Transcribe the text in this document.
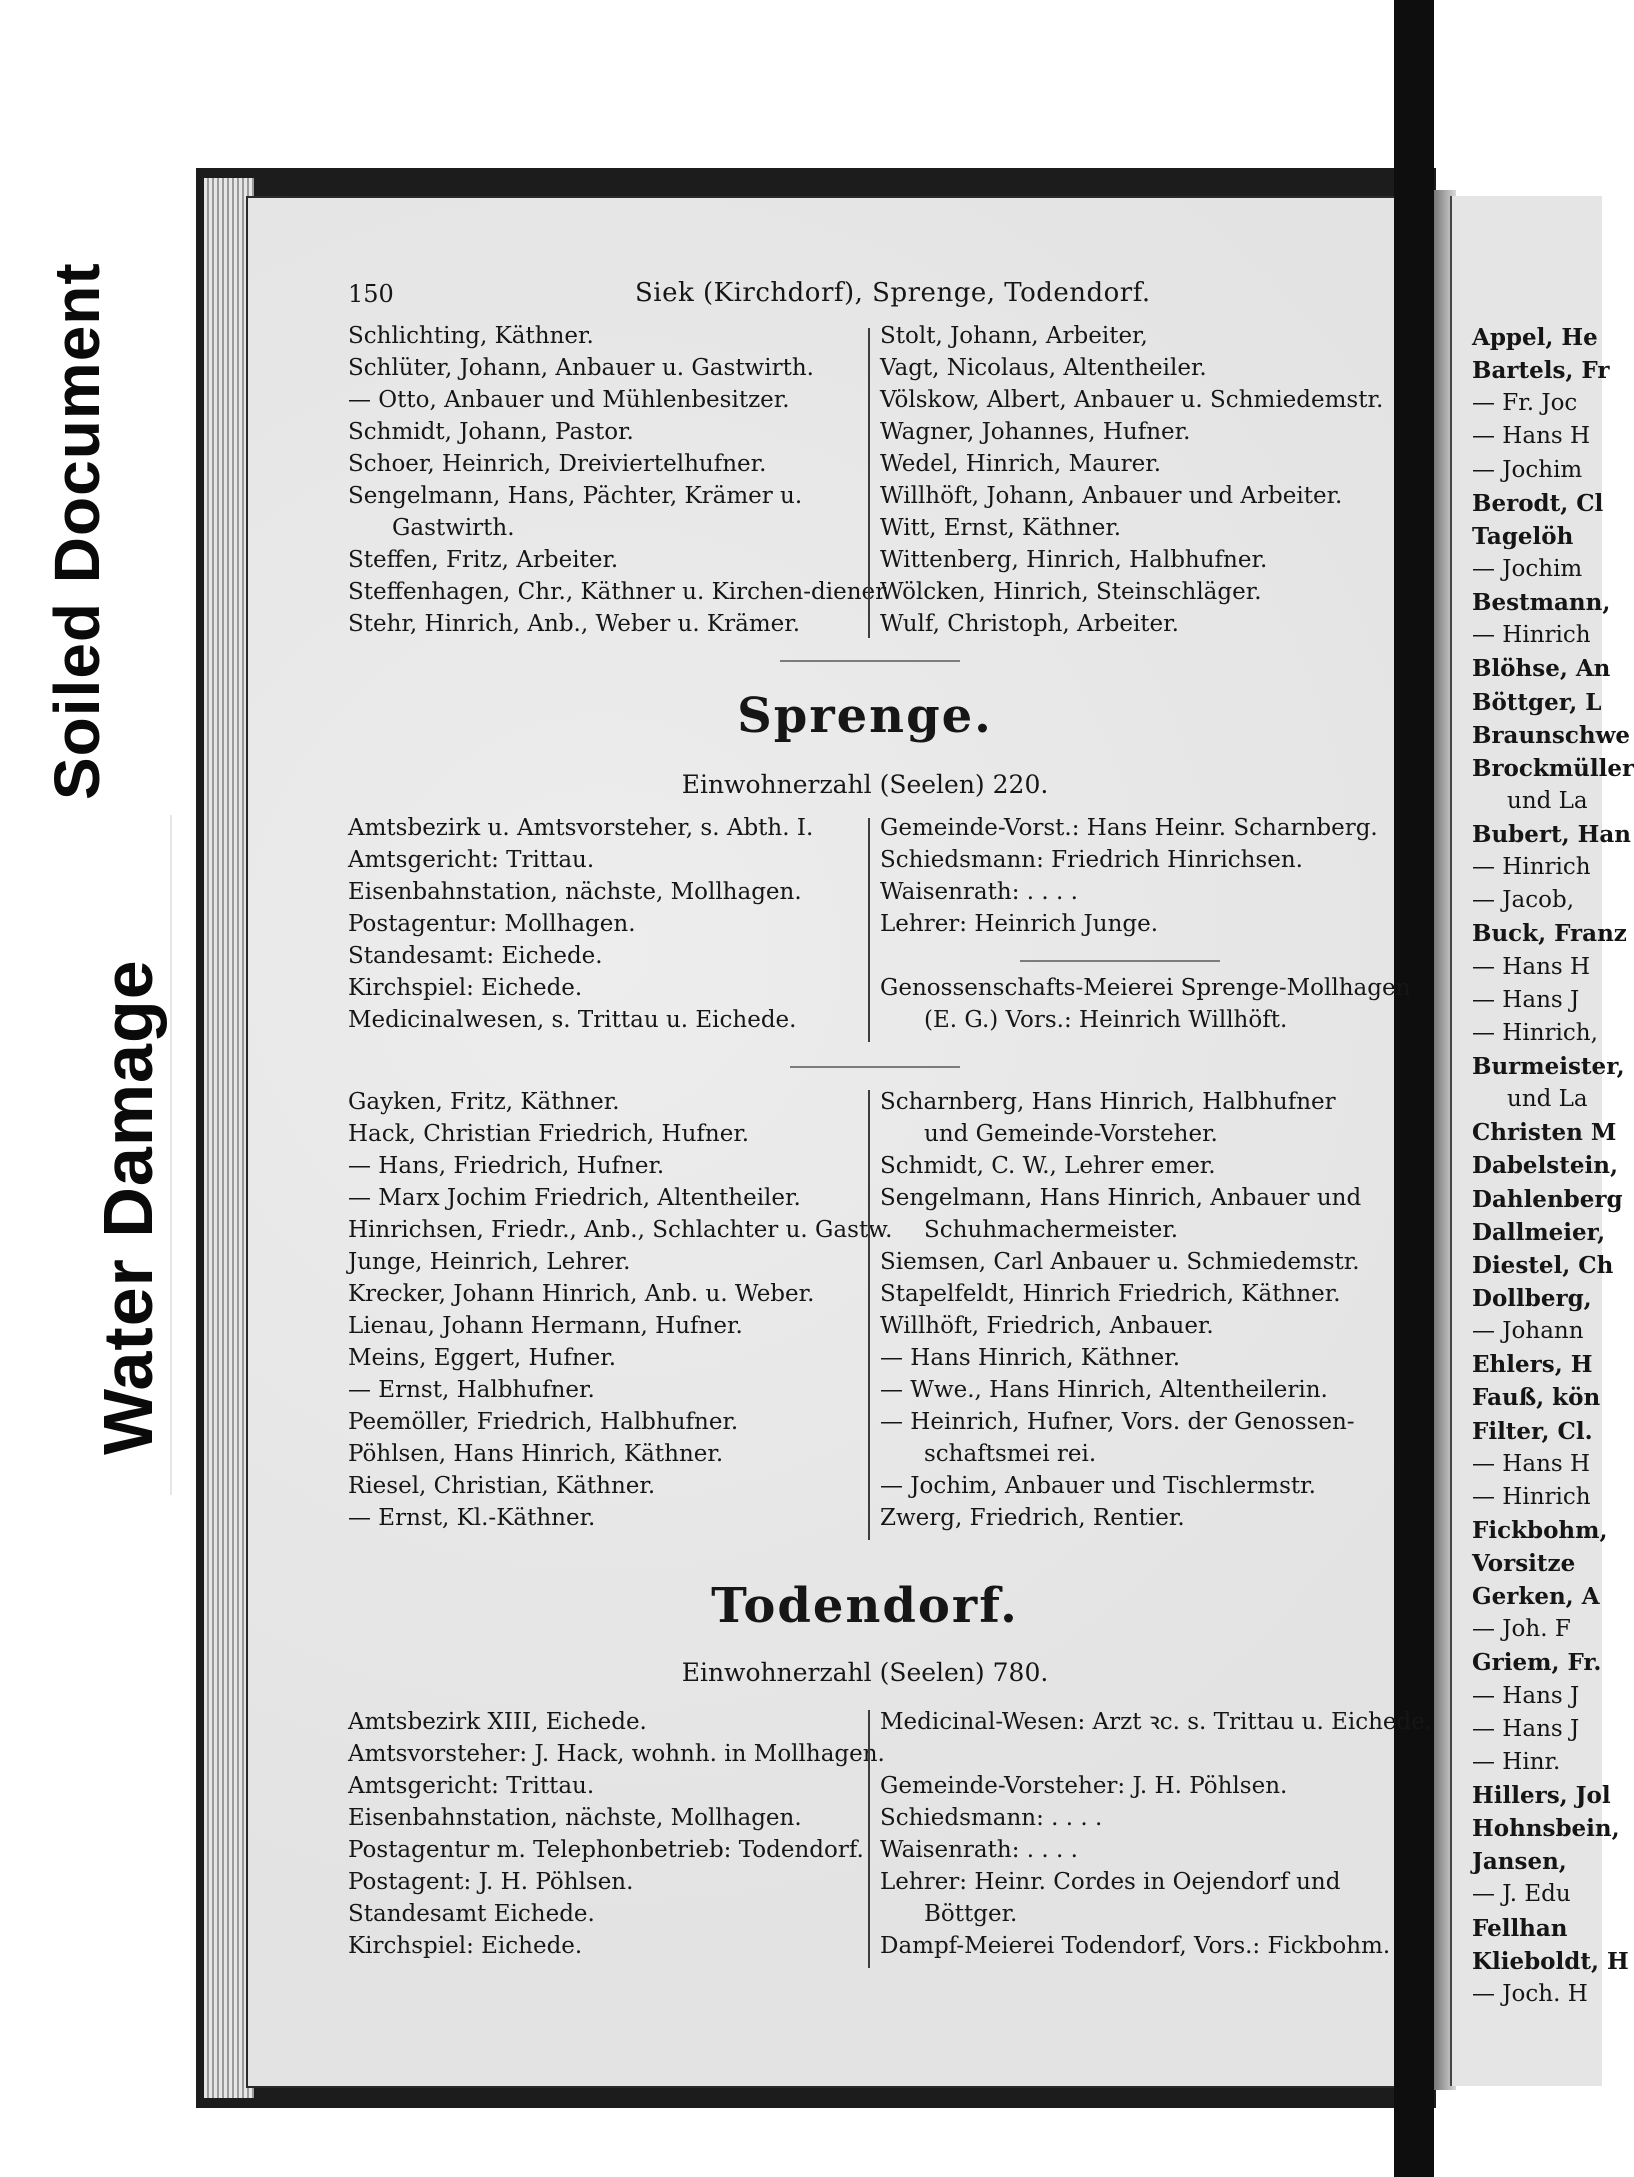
Soiled Document
Water Damage
Appel, He
Bartels, Fr
— Fr. Joc
— Hans H
— Jochim
Berodt, Cl
Tagelöh
— Jochim
Bestmann,
— Hinrich
Blöhse, An
Böttger, L
Braunschwe
Brockmüller
und La
Bubert, Han
— Hinrich
— Jacob,
Buck, Franz
— Hans H
— Hans J
— Hinrich,
Burmeister,
und La
Christen M
Dabelstein,
Dahlenberg
Dallmeier,
Diestel, Ch
Dollberg,
— Johann
Ehlers, H
Fauß, kön
Filter, Cl.
— Hans H
— Hinrich
Fickbohm,
Vorsitze
Gerken, A
— Joh. F
Griem, Fr.
— Hans J
— Hans J
— Hinr.
Hillers, Jol
Hohnsbein,
Jansen,
— J. Edu
Fellhan
Klieboldt, H
— Joch. H
150	Siek (Kirchdorf), Sprenge, Todendorf.
Schlichting, Käthner.
Schlüter, Johann, Anbauer u. Gastwirth.
— Otto, Anbauer und Mühlenbesitzer.
Schmidt, Johann, Pastor.
Schoer, Heinrich, Dreiviertelhufner.
Sengelmann, Hans, Pächter, Krämer u.
Gastwirth.
Steffen, Fritz, Arbeiter.
Steffenhagen, Chr., Käthner u. Kirchen-diener.
Stehr, Hinrich, Anb., Weber u. Krämer.
Stolt, Johann, Arbeiter,
Vagt, Nicolaus, Altentheiler.
Völskow, Albert, Anbauer u. Schmiedemstr.
Wagner, Johannes, Hufner.
Wedel, Hinrich, Maurer.
Willhöft, Johann, Anbauer und Arbeiter.
Witt, Ernst, Käthner.
Wittenberg, Hinrich, Halbhufner.
Wölcken, Hinrich, Steinschläger.
Wulf, Christoph, Arbeiter.
Sprenge.
Einwohnerzahl (Seelen) 220.
Amtsbezirk u. Amtsvorsteher, s. Abth. I.
Amtsgericht: Trittau.
Eisenbahnstation, nächste, Mollhagen.
Postagentur: Mollhagen.
Standesamt: Eichede.
Kirchspiel: Eichede.
Medicinalwesen, s. Trittau u. Eichede.
Gemeinde-Vorst.: Hans Heinr. Scharnberg.
Schiedsmann: Friedrich Hinrichsen.
Waisenrath: . . . .
Lehrer: Heinrich Junge.
Genossenschafts-Meierei Sprenge-Mollhagen
(E. G.) Vors.: Heinrich Willhöft.
Gayken, Fritz, Käthner.
Hack, Christian Friedrich, Hufner.
— Hans, Friedrich, Hufner.
— Marx Jochim Friedrich, Altentheiler.
Hinrichsen, Friedr., Anb., Schlachter u. Gastw.
Junge, Heinrich, Lehrer.
Krecker, Johann Hinrich, Anb. u. Weber.
Lienau, Johann Hermann, Hufner.
Meins, Eggert, Hufner.
— Ernst, Halbhufner.
Peemöller, Friedrich, Halbhufner.
Pöhlsen, Hans Hinrich, Käthner.
Riesel, Christian, Käthner.
— Ernst, Kl.-Käthner.
Scharnberg, Hans Hinrich, Halbhufner
und Gemeinde-Vorsteher.
Schmidt, C. W., Lehrer emer.
Sengelmann, Hans Hinrich, Anbauer und
Schuhmachermeister.
Siemsen, Carl Anbauer u. Schmiedemstr.
Stapelfeldt, Hinrich Friedrich, Käthner.
Willhöft, Friedrich, Anbauer.
— Hans Hinrich, Käthner.
— Wwe., Hans Hinrich, Altentheilerin.
— Heinrich, Hufner, Vors. der Genossen-
schaftsmei rei.
— Jochim, Anbauer und Tischlermstr.
Zwerg, Friedrich, Rentier.
Todendorf.
Einwohnerzahl (Seelen) 780.
Amtsbezirk XIII, Eichede.
Amtsvorsteher: J. Hack, wohnh. in Mollhagen.
Amtsgericht: Trittau.
Eisenbahnstation, nächste, Mollhagen.
Postagentur m. Telephonbetrieb: Todendorf.
Postagent: J. H. Pöhlsen.
Standesamt Eichede.
Kirchspiel: Eichede.
Medicinal-Wesen: Arzt ꝛc. s. Trittau u. Eichede.

Gemeinde-Vorsteher: J. H. Pöhlsen.
Schiedsmann: . . . .
Waisenrath: . . . .
Lehrer: Heinr. Cordes in Oejendorf und
Böttger.
Dampf-Meierei Todendorf, Vors.: Fickbohm.
